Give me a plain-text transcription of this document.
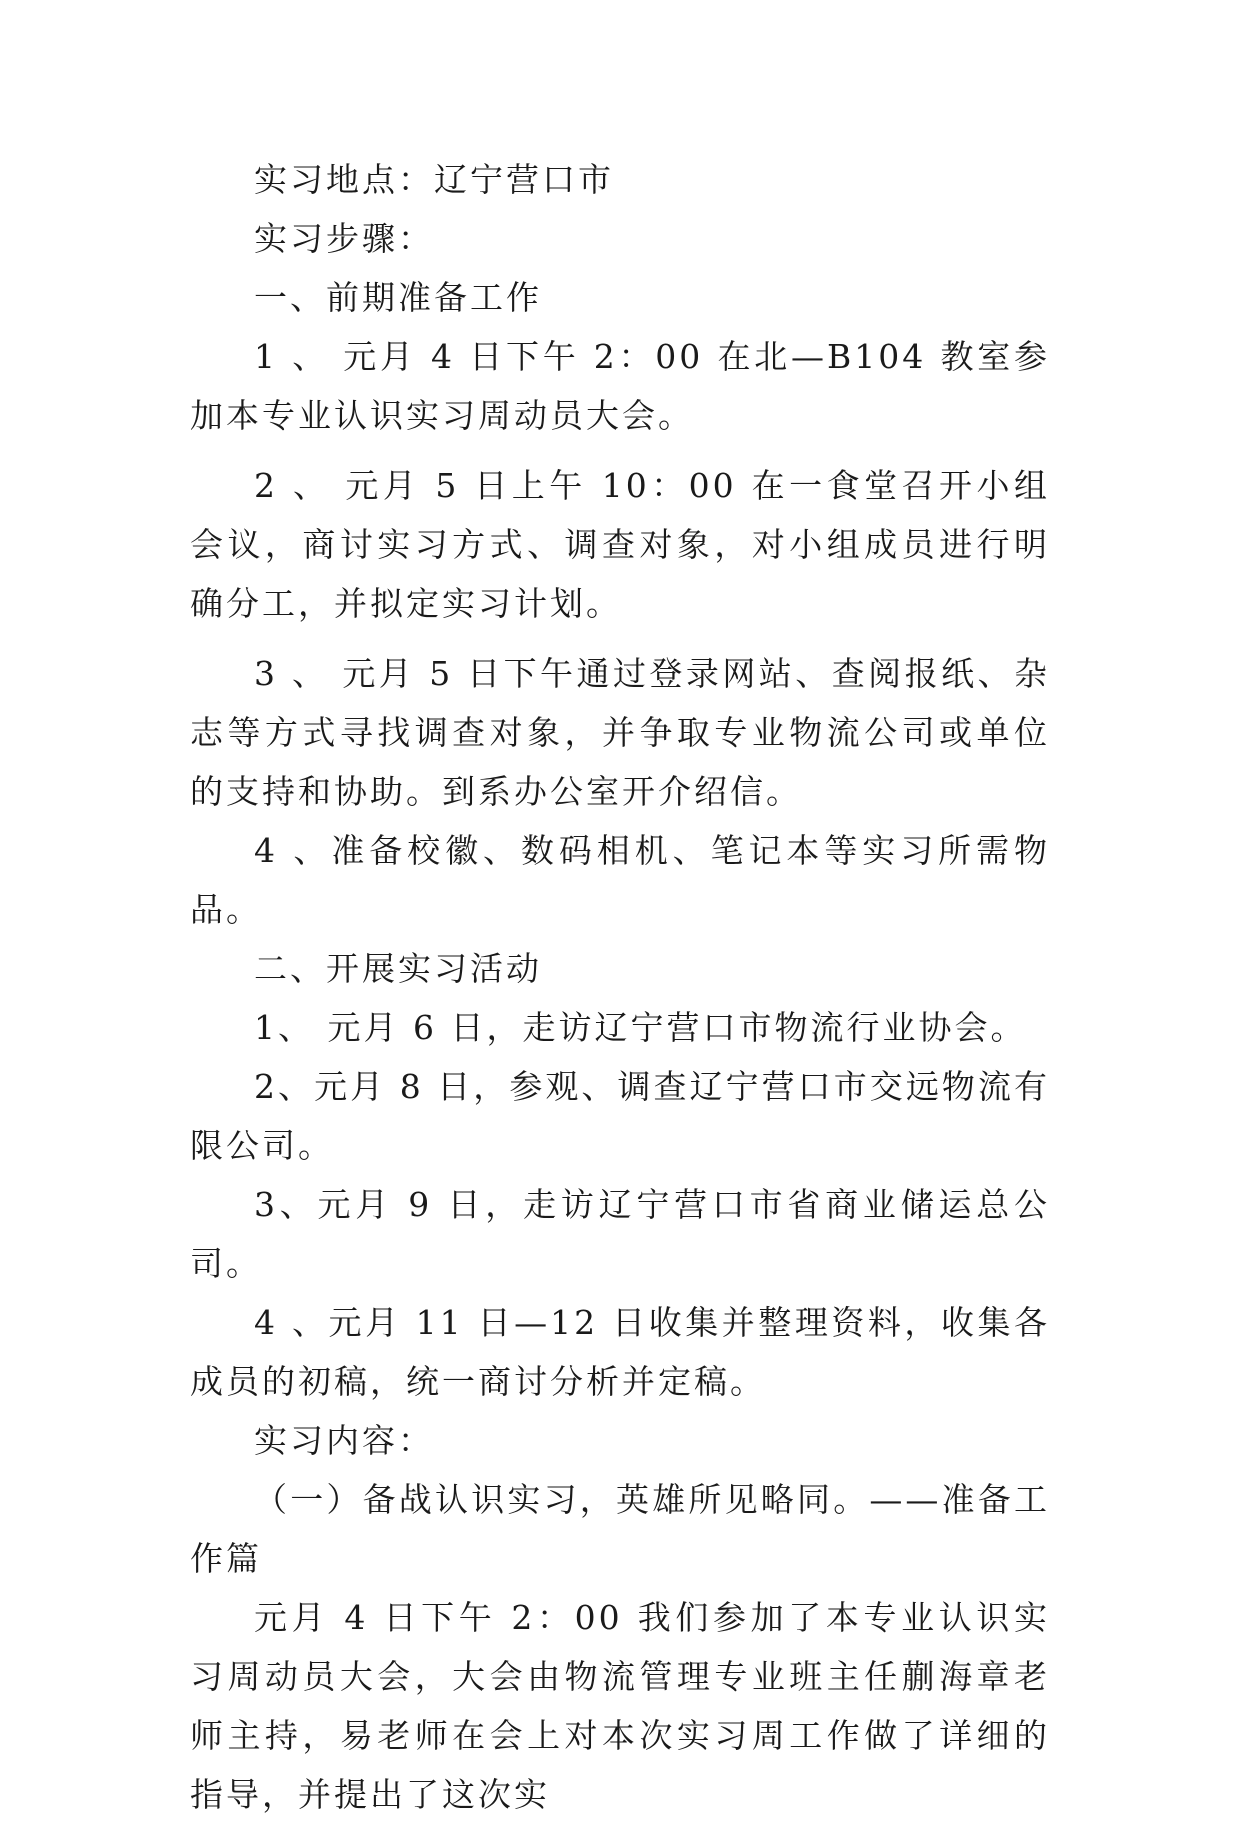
实习地点：辽宁营口市

实习步骤：

一、前期准备工作

1 、 元月 4 日下午 2：00 在北—B104 教室参加本专业认识实习周动员大会。

2 、 元月 5 日上午 10：00 在一食堂召开小组会议，商讨实习方式、调查对象，对小组成员进行明确分工，并拟定实习计划。

3 、 元月 5 日下午通过登录网站、查阅报纸、杂志等方式寻找调查对象，并争取专业物流公司或单位的支持和协助。到系办公室开介绍信。

4 、准备校徽、数码相机、笔记本等实习所需物品。

二、开展实习活动

1、 元月 6 日，走访辽宁营口市物流行业协会。

2、元月 8 日，参观、调查辽宁营口市交远物流有限公司。

3、元月 9 日，走访辽宁营口市省商业储运总公司。

4 、元月 11 日—12 日收集并整理资料，收集各成员的初稿，统一商讨分析并定稿。

实习内容：

（一）备战认识实习，英雄所见略同。——准备工作篇

元月 4 日下午 2：00 我们参加了本专业认识实习周动员大会，大会由物流管理专业班主任蒯海章老师主持，易老师在会上对本次实习周工作做了详细的指导，并提出了这次实
